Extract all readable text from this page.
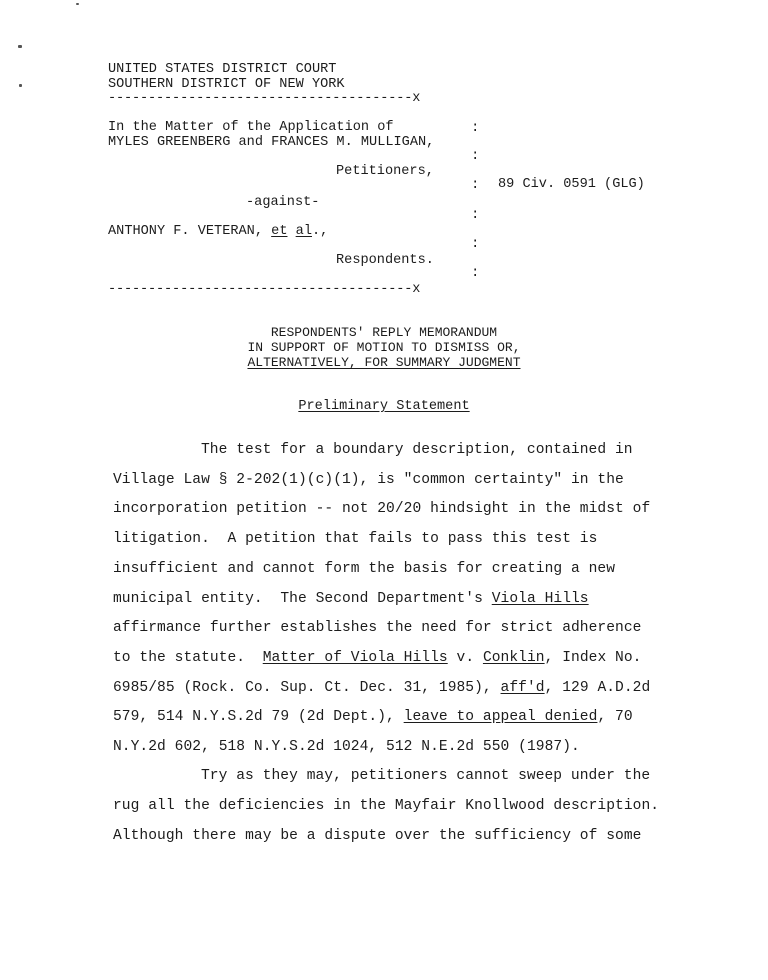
UNITED STATES DISTRICT COURT
SOUTHERN DISTRICT OF NEW YORK
--------------------------------------x
In the Matter of the Application of
MYLES GREENBERG and FRANCES M. MULLIGAN,
Petitioners,
-against-
ANTHONY F. VETERAN, et al.,
Respondents.
--------------------------------------x
:
:
:
:
:
:
89 Civ. 0591 (GLG)
RESPONDENTS' REPLY MEMORANDUM
IN SUPPORT OF MOTION TO DISMISS OR,
ALTERNATIVELY, FOR SUMMARY JUDGMENT
Preliminary Statement
The test for a boundary description, contained in
Village Law § 2-202(1)(c)(1), is "common certainty" in the
incorporation petition -- not 20/20 hindsight in the midst of
litigation.  A petition that fails to pass this test is
insufficient and cannot form the basis for creating a new
municipal entity.  The Second Department's Viola Hills
affirmance further establishes the need for strict adherence
to the statute.  Matter of Viola Hills v. Conklin, Index No.
6985/85 (Rock. Co. Sup. Ct. Dec. 31, 1985), aff'd, 129 A.D.2d
579, 514 N.Y.S.2d 79 (2d Dept.), leave to appeal denied, 70
N.Y.2d 602, 518 N.Y.S.2d 1024, 512 N.E.2d 550 (1987).
Try as they may, petitioners cannot sweep under the
rug all the deficiencies in the Mayfair Knollwood description.
Although there may be a dispute over the sufficiency of some
